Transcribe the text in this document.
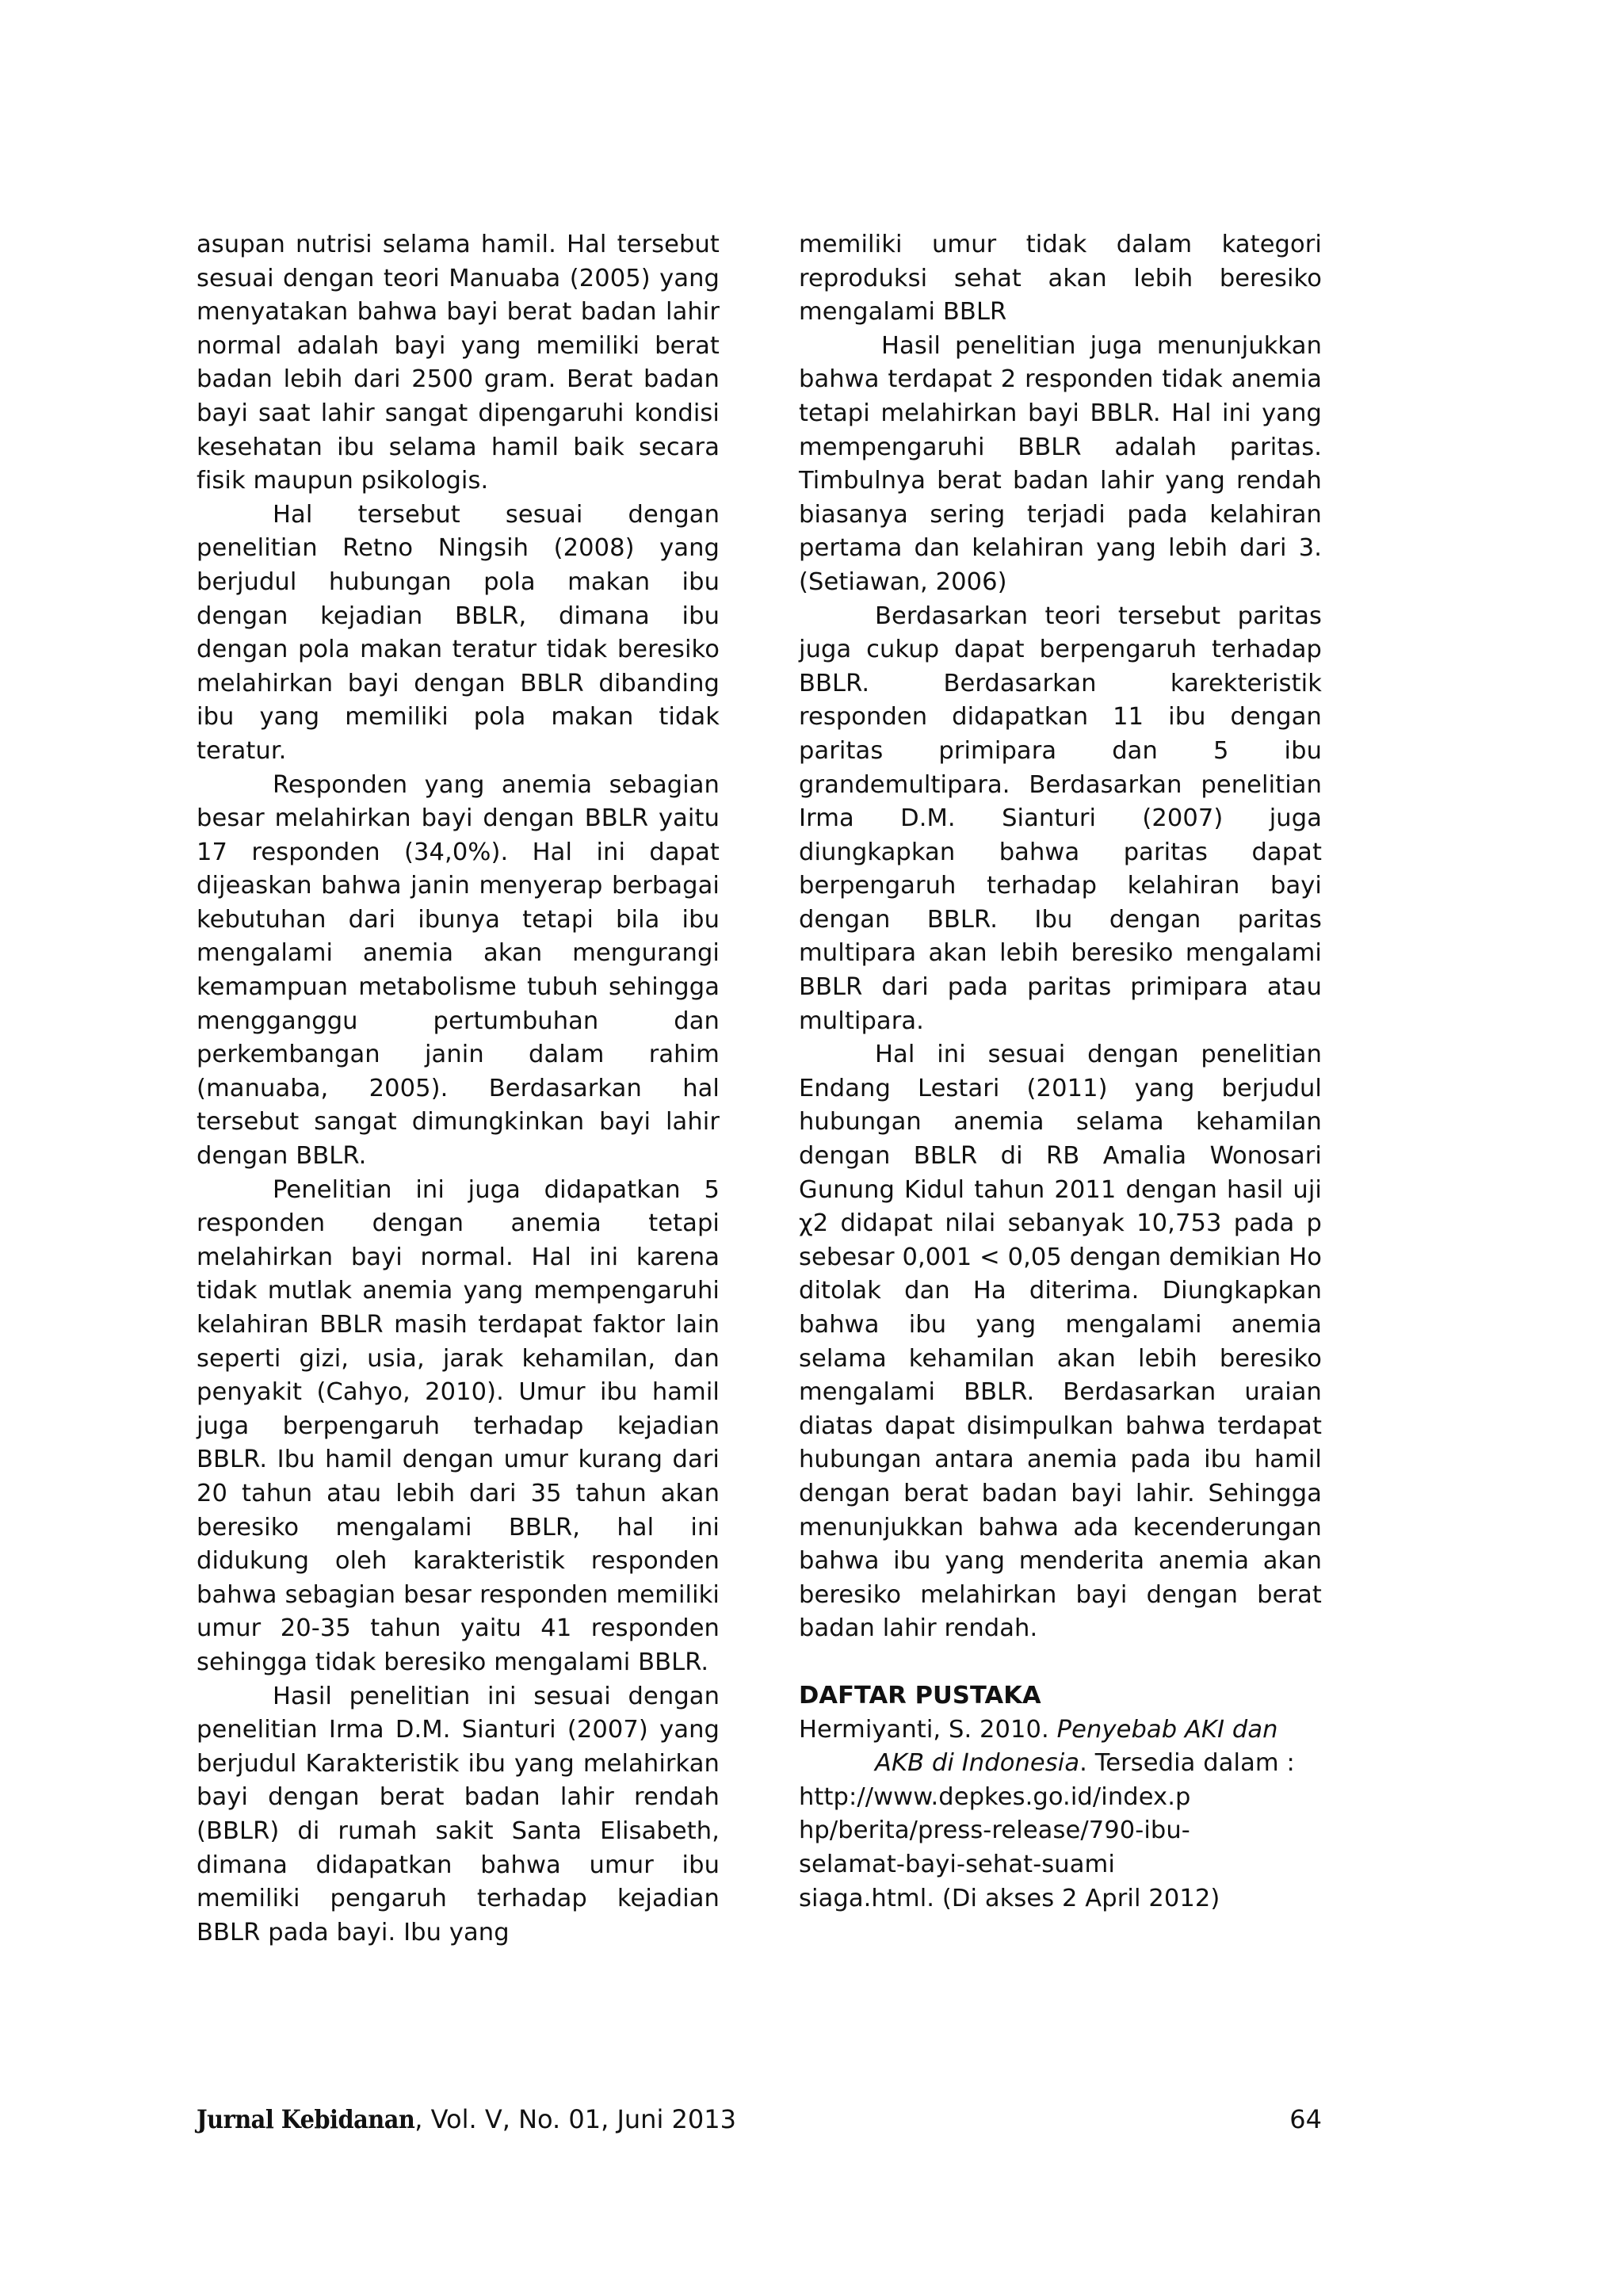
asupan nutrisi selama hamil. Hal tersebut sesuai dengan teori Manuaba (2005) yang menyatakan bahwa bayi berat badan lahir normal adalah bayi yang memiliki berat badan lebih dari 2500 gram. Berat badan bayi saat lahir sangat dipengaruhi kondisi kesehatan ibu selama hamil baik secara fisik maupun psikologis.

Hal tersebut sesuai dengan penelitian Retno Ningsih (2008) yang berjudul hubungan pola makan ibu dengan kejadian BBLR, dimana ibu dengan pola makan teratur tidak beresiko melahirkan bayi dengan BBLR dibanding ibu yang memiliki pola makan tidak teratur.

Responden yang anemia sebagian besar melahirkan bayi dengan BBLR yaitu 17 responden (34,0%). Hal ini dapat dijeaskan bahwa janin menyerap berbagai kebutuhan dari ibunya tetapi bila ibu mengalami anemia akan mengurangi kemampuan metabolisme tubuh sehingga mengganggu pertumbuhan dan perkembangan janin dalam rahim (manuaba, 2005). Berdasarkan hal tersebut sangat dimungkinkan bayi lahir dengan BBLR.

Penelitian ini juga didapatkan 5 responden dengan anemia tetapi melahirkan bayi normal. Hal ini karena tidak mutlak anemia yang mempengaruhi kelahiran BBLR masih terdapat faktor lain seperti gizi, usia, jarak kehamilan, dan penyakit (Cahyo, 2010). Umur ibu hamil juga berpengaruh terhadap kejadian BBLR. Ibu hamil dengan umur kurang dari 20 tahun atau lebih dari 35 tahun akan beresiko mengalami BBLR, hal ini didukung oleh karakteristik responden bahwa sebagian besar responden memiliki umur 20-35 tahun yaitu 41 responden sehingga tidak beresiko mengalami BBLR.

Hasil penelitian ini sesuai dengan penelitian Irma D.M. Sianturi (2007) yang berjudul Karakteristik ibu yang melahirkan bayi dengan berat badan lahir rendah (BBLR) di rumah sakit Santa Elisabeth, dimana didapatkan bahwa umur ibu memiliki pengaruh terhadap kejadian BBLR pada bayi. Ibu yang

memiliki umur tidak dalam kategori reproduksi sehat akan lebih beresiko mengalami BBLR

Hasil penelitian juga menunjukkan bahwa terdapat 2 responden tidak anemia tetapi melahirkan bayi BBLR. Hal ini yang mempengaruhi BBLR adalah paritas. Timbulnya berat badan lahir yang rendah biasanya sering terjadi pada kelahiran pertama dan kelahiran yang lebih dari 3. (Setiawan, 2006)

Berdasarkan teori tersebut paritas juga cukup dapat berpengaruh terhadap BBLR. Berdasarkan karekteristik responden didapatkan 11 ibu dengan paritas primipara dan 5 ibu grandemultipara. Berdasarkan penelitian Irma D.M. Sianturi (2007) juga diungkapkan bahwa paritas dapat berpengaruh terhadap kelahiran bayi dengan BBLR. Ibu dengan paritas multipara akan lebih beresiko mengalami BBLR dari pada paritas primipara atau multipara.

Hal ini sesuai dengan penelitian Endang Lestari (2011) yang berjudul hubungan anemia selama kehamilan dengan BBLR di RB Amalia Wonosari Gunung Kidul tahun 2011 dengan hasil uji χ2 didapat nilai sebanyak 10,753 pada p sebesar 0,001 < 0,05 dengan demikian Ho ditolak dan Ha diterima. Diungkapkan bahwa ibu yang mengalami anemia selama kehamilan akan lebih beresiko mengalami BBLR. Berdasarkan uraian diatas dapat disimpulkan bahwa terdapat hubungan antara anemia pada ibu hamil dengan berat badan bayi lahir. Sehingga menunjukkan bahwa ada kecenderungan bahwa ibu yang menderita anemia akan beresiko melahirkan bayi dengan berat badan lahir rendah.

DAFTAR PUSTAKA

Hermiyanti, S. 2010. Penyebab AKI dan AKB di Indonesia. Tersedia dalam :
http://www.depkes.go.id/index.p
hp/berita/press-release/790-ibu-
selamat-bayi-sehat-suami
siaga.html. (Di akses 2 April 2012)

Jurnal Kebidanan, Vol. V, No. 01, Juni 2013	64
